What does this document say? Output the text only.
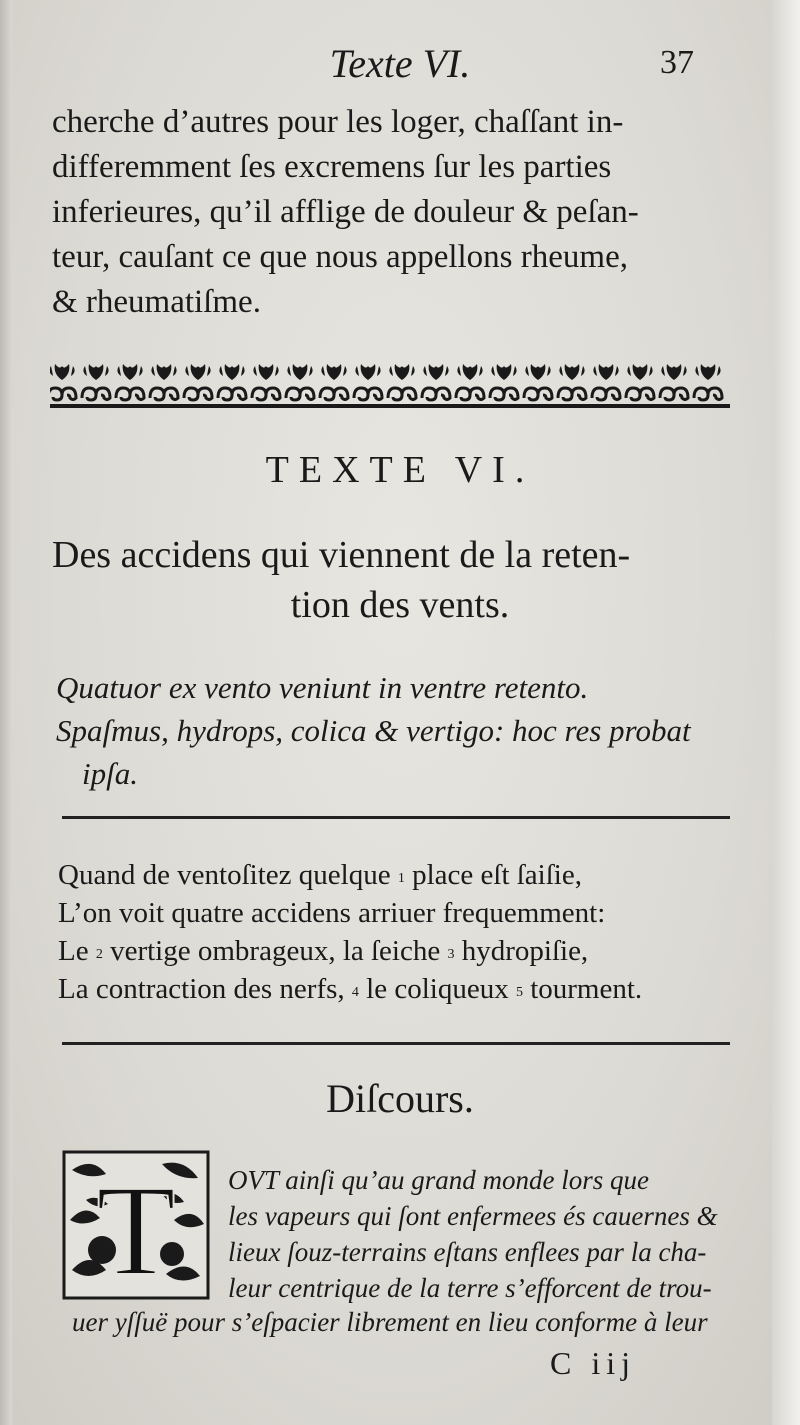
Texte VI.	37
cherche d’autres pour les loger, chaſſant in-
differemment ſes excremens ſur les parties
inferieures, qu’il afflige de douleur & peſan-
teur, cauſant ce que nous appellons rheume,
& rheumatiſme.
TEXTE VI.
Des accidens qui viennent de la reten-
tion des vents.
Quatuor ex vento veniunt in ventre retento.
Spaſmus, hydrops, colica & vertigo: hoc res probat
ipſa.
Quand de ventoſitez quelque $^1$ place eſt ſaiſie,
L’on voit quatre accidens arriuer frequemment:
Le $^2$ vertige ombrageux, la ſeiche $^3$ hydropiſie,
La contraction des nerfs, $^4$ le coliqueux $^5$ tourment.
Diſcours.
T OVT ainſi qu’au grand monde lors que
les vapeurs qui ſont enfermees és cauernes &
lieux ſouz-terrains eſtans enflees par la cha-
leur centrique de la terre s’efforcent de trou-
uer yſſuë pour s’eſpacier librement en lieu conforme à leur
C iij
